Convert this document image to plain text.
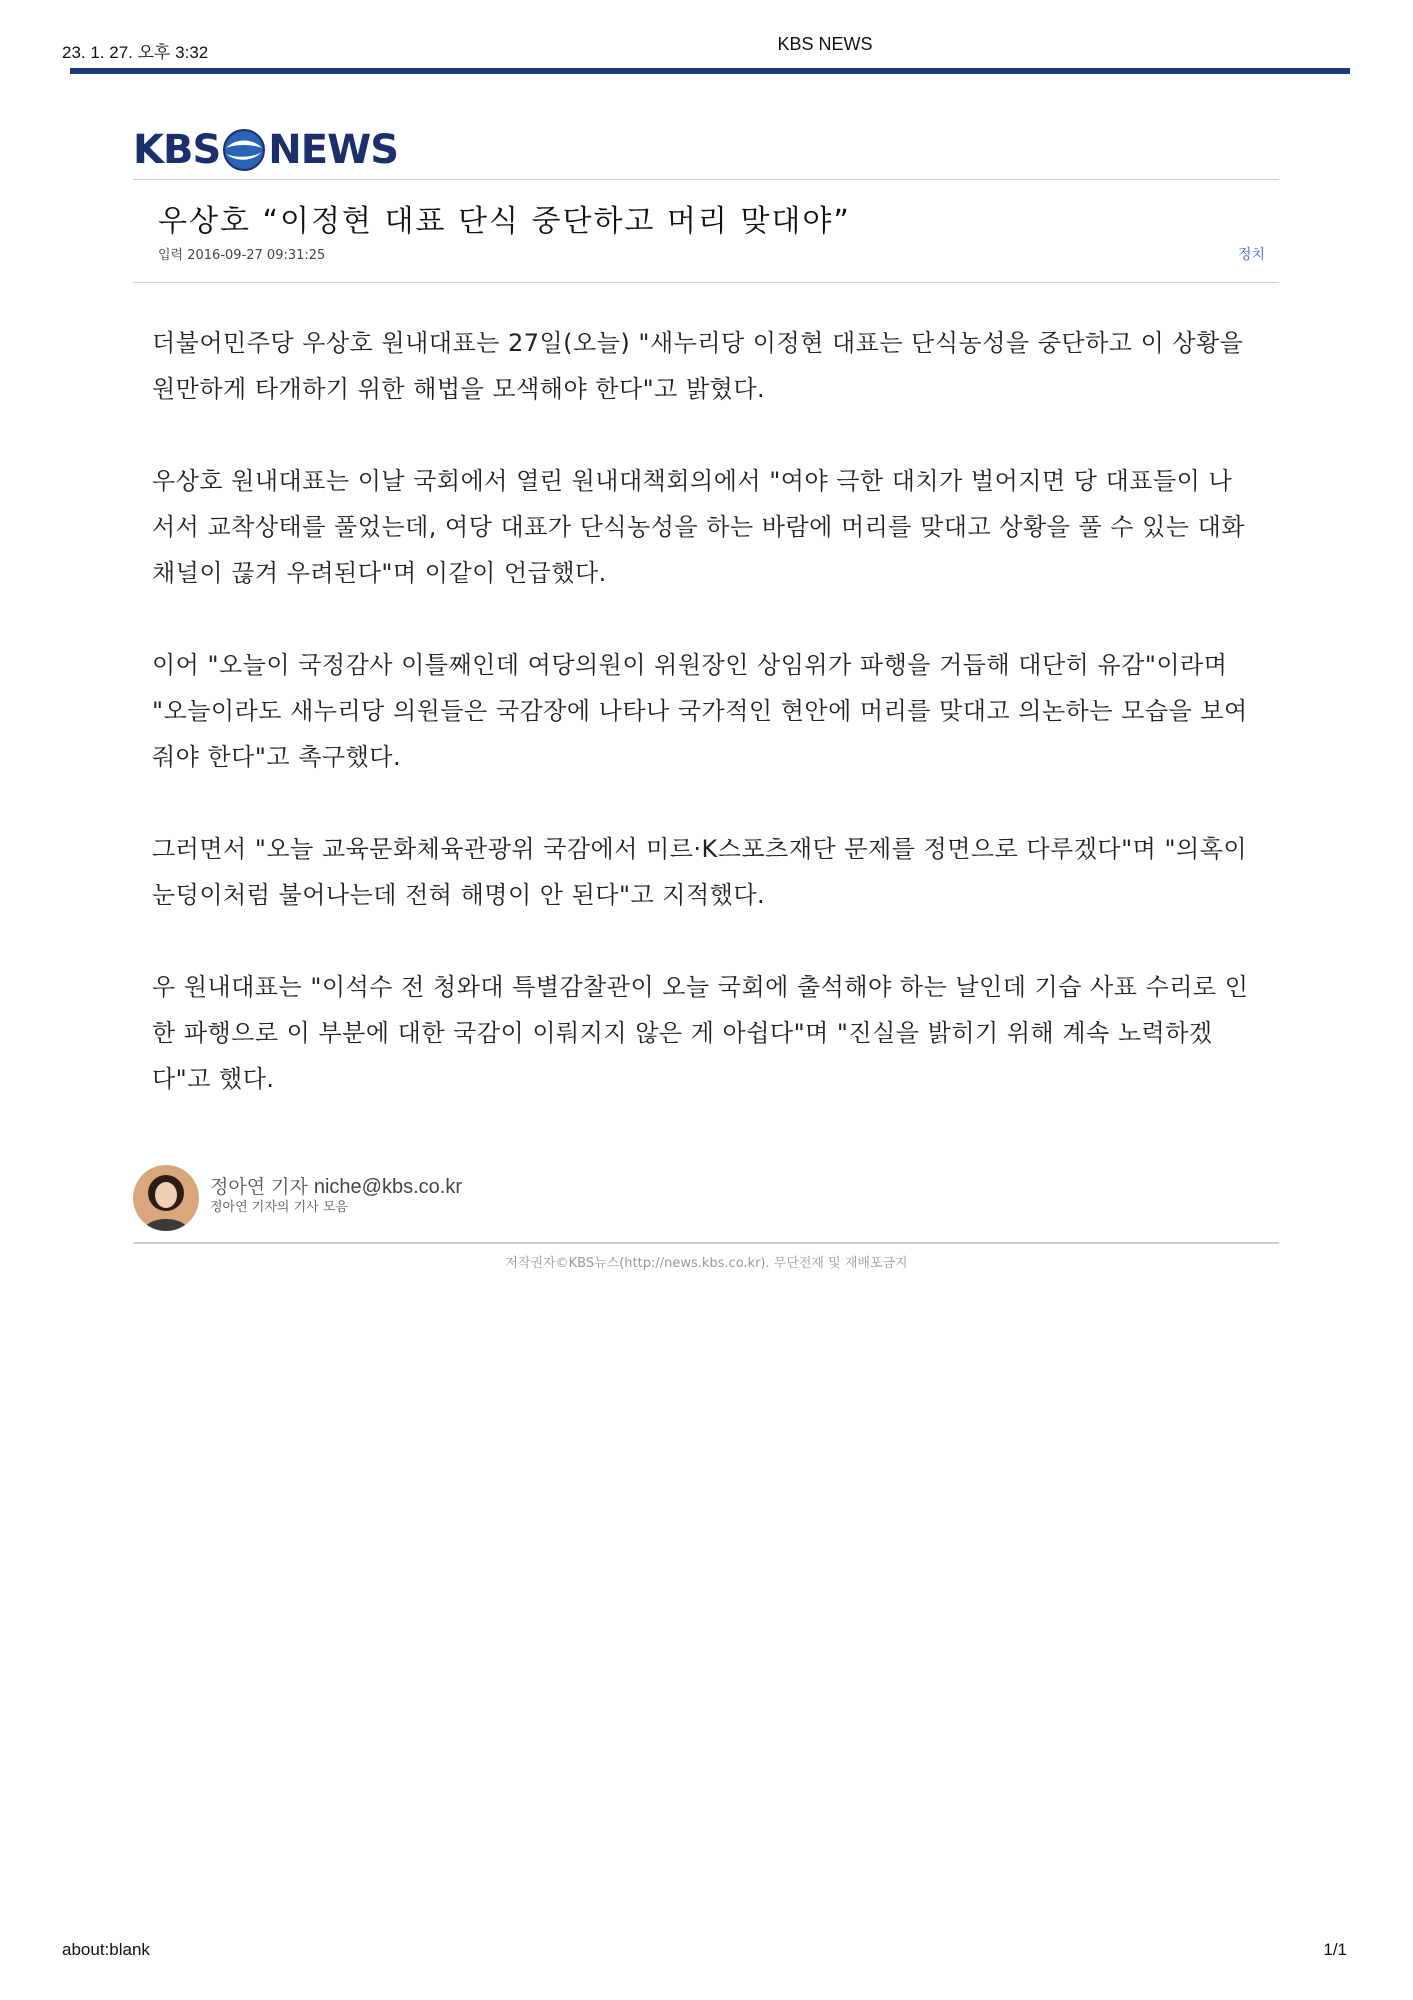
23. 1. 27. 오후 3:32	KBS NEWS
KBS NEWS
우상호 “이정현 대표 단식 중단하고 머리 맞대야”
입력 2016-09-27 09:31:25	정치

더불어민주당 우상호 원내대표는 27일(오늘) "새누리당 이정현 대표는 단식농성을 중단하고 이 상황을 원만하게 타개하기 위한 해법을 모색해야 한다"고 밝혔다.

우상호 원내대표는 이날 국회에서 열린 원내대책회의에서 "여야 극한 대치가 벌어지면 당 대표들이 나서서 교착상태를 풀었는데, 여당 대표가 단식농성을 하는 바람에 머리를 맞대고 상황을 풀 수 있는 대화 채널이 끊겨 우려된다"며 이같이 언급했다.

이어 "오늘이 국정감사 이틀째인데 여당의원이 위원장인 상임위가 파행을 거듭해 대단히 유감"이라며 "오늘이라도 새누리당 의원들은 국감장에 나타나 국가적인 현안에 머리를 맞대고 의논하는 모습을 보여줘야 한다"고 촉구했다.

그러면서 "오늘 교육문화체육관광위 국감에서 미르·K스포츠재단 문제를 정면으로 다루겠다"며 "의혹이 눈덩이처럼 불어나는데 전혀 해명이 안 된다"고 지적했다.

우 원내대표는 "이석수 전 청와대 특별감찰관이 오늘 국회에 출석해야 하는 날인데 기습 사표 수리로 인한 파행으로 이 부분에 대한 국감이 이뤄지지 않은 게 아쉽다"며 "진실을 밝히기 위해 계속 노력하겠다"고 했다.

정아연 기자 niche@kbs.co.kr
정아연 기자의 기사 모음
저작권자©KBS뉴스(http://news.kbs.co.kr). 무단전재 및 재배포금지
about:blank	1/1
